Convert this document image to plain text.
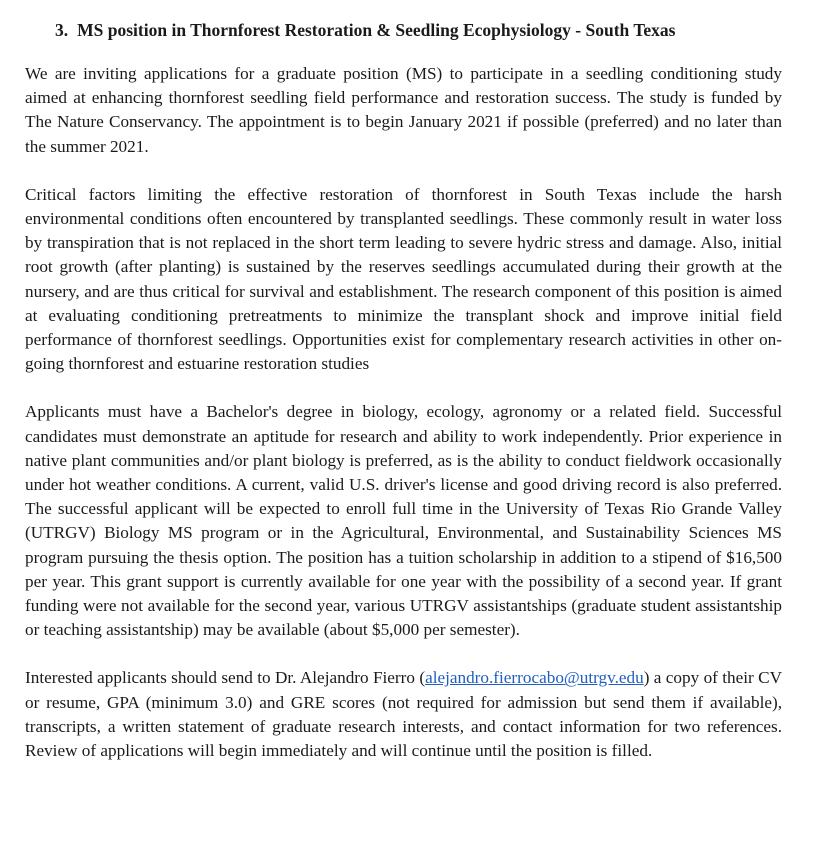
3. MS position in Thornforest Restoration & Seedling Ecophysiology - South Texas

We are inviting applications for a graduate position (MS) to participate in a seedling conditioning study aimed at enhancing thornforest seedling field performance and restoration success. The study is funded by The Nature Conservancy. The appointment is to begin January 2021 if possible (preferred) and no later than the summer 2021.

Critical factors limiting the effective restoration of thornforest in South Texas include the harsh environmental conditions often encountered by transplanted seedlings. These commonly result in water loss by transpiration that is not replaced in the short term leading to severe hydric stress and damage. Also, initial root growth (after planting) is sustained by the reserves seedlings accumulated during their growth at the nursery, and are thus critical for survival and establishment. The research component of this position is aimed at evaluating conditioning pretreatments to minimize the transplant shock and improve initial field performance of thornforest seedlings. Opportunities exist for complementary research activities in other on-going thornforest and estuarine restoration studies

Applicants must have a Bachelor's degree in biology, ecology, agronomy or a related field. Successful candidates must demonstrate an aptitude for research and ability to work independently. Prior experience in native plant communities and/or plant biology is preferred, as is the ability to conduct fieldwork occasionally under hot weather conditions. A current, valid U.S. driver's license and good driving record is also preferred. The successful applicant will be expected to enroll full time in the University of Texas Rio Grande Valley (UTRGV) Biology MS program or in the Agricultural, Environmental, and Sustainability Sciences MS program pursuing the thesis option. The position has a tuition scholarship in addition to a stipend of $16,500 per year. This grant support is currently available for one year with the possibility of a second year. If grant funding were not available for the second year, various UTRGV assistantships (graduate student assistantship or teaching assistantship) may be available (about $5,000 per semester).

Interested applicants should send to Dr. Alejandro Fierro (alejandro.fierrocabo@utrgv.edu) a copy of their CV or resume, GPA (minimum 3.0) and GRE scores (not required for admission but send them if available), transcripts, a written statement of graduate research interests, and contact information for two references. Review of applications will begin immediately and will continue until the position is filled.
